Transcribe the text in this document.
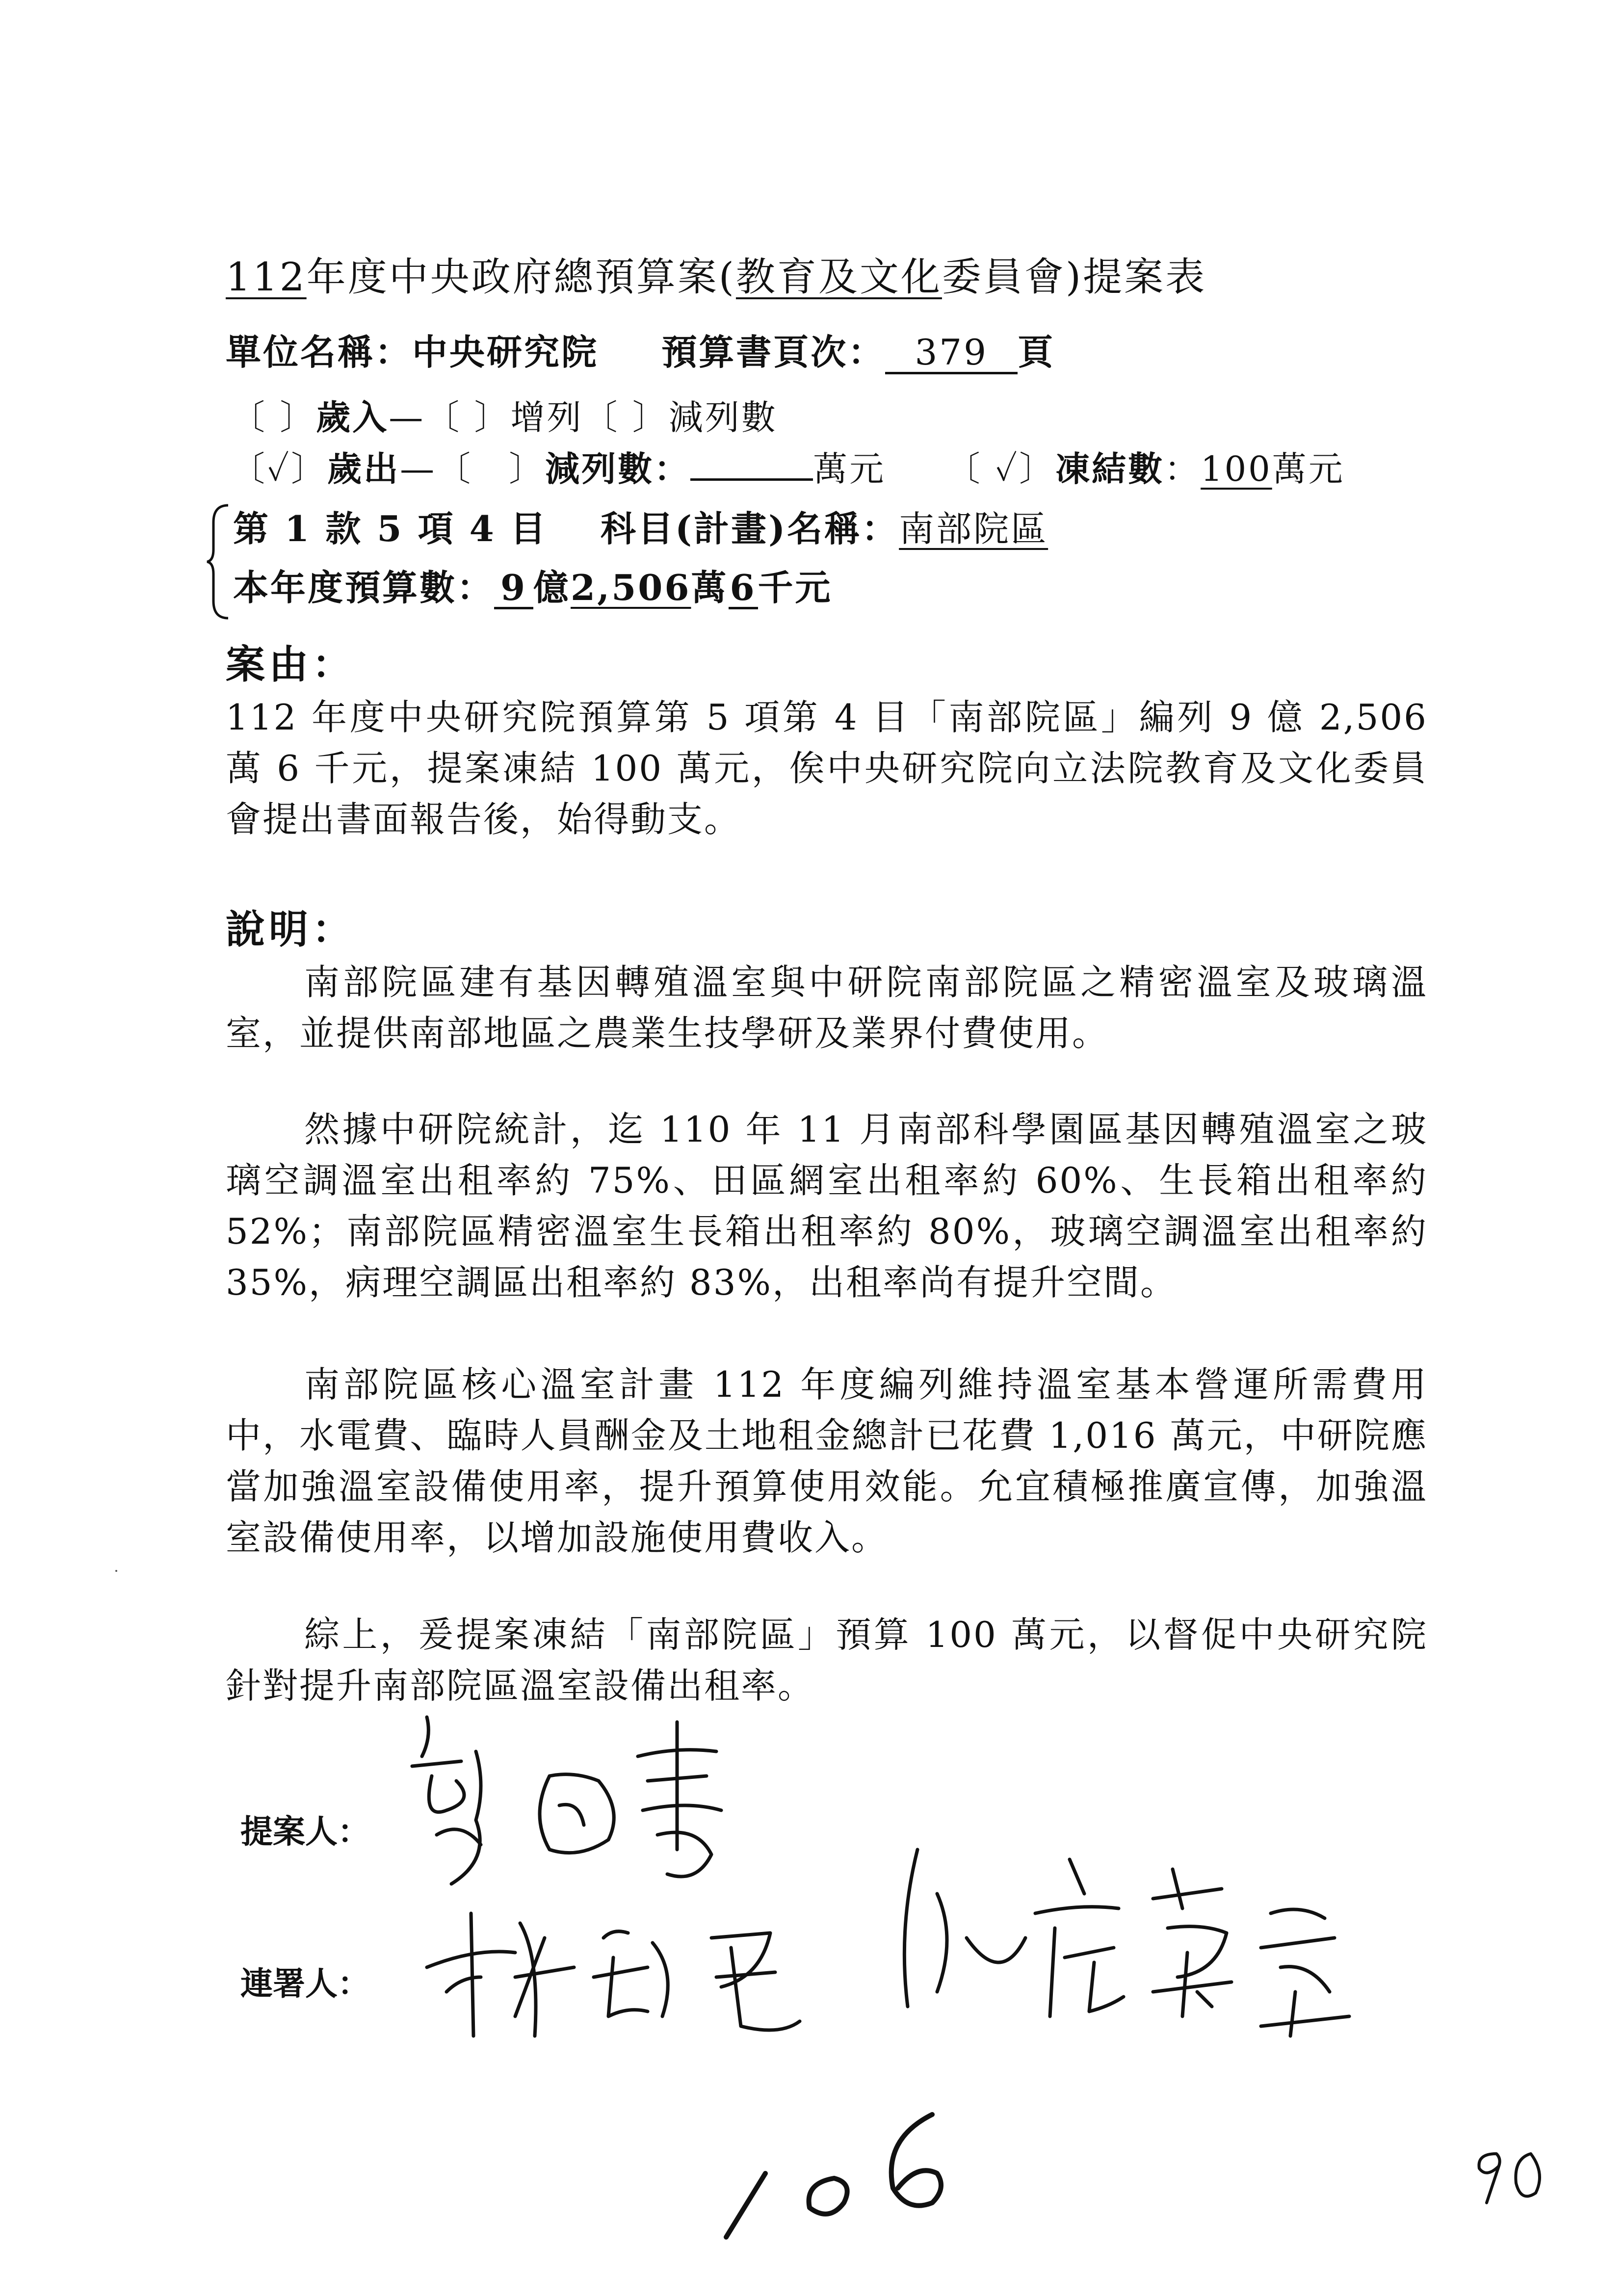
112年度中央政府總預算案(教育及文化委員會)提案表
單位名稱：中央研究院 預算書頁次： 379 頁
〔 〕歲入—〔 〕增列〔 〕減列數
〔✓〕歲出—〔　〕減列數：	萬元 〔 ✓〕凍結數：100萬元
第 1 款 5 項 4 目 科目(計畫)名稱：南部院區
本年度預算數： 9 億2,506萬6千元
案由：

112 年度中央研究院預算第 5 項第 4 目「南部院區」編列 9 億 2,506 萬 6 千元，提案凍結 100 萬元，俟中央研究院向立法院教育及文化委員會提出書面報告後，始得動支。

說明：

南部院區建有基因轉殖溫室與中研院南部院區之精密溫室及玻璃溫室，並提供南部地區之農業生技學研及業界付費使用。

然據中研院統計，迄 110 年 11 月南部科學園區基因轉殖溫室之玻璃空調溫室出租率約 75%、田區網室出租率約 60%、生長箱出租率約 52%；南部院區精密溫室生長箱出租率約 80%，玻璃空調溫室出租率約 35%，病理空調區出租率約 83%，出租率尚有提升空間。

南部院區核心溫室計畫 112 年度編列維持溫室基本營運所需費用中，水電費、臨時人員酬金及土地租金總計已花費 1,016 萬元，中研院應當加強溫室設備使用率，提升預算使用效能。允宜積極推廣宣傳，加強溫室設備使用率，以增加設施使用費收入。

綜上，爰提案凍結「南部院區」預算 100 萬元，以督促中央研究院針對提升南部院區溫室設備出租率。

提案人：
連署人：
